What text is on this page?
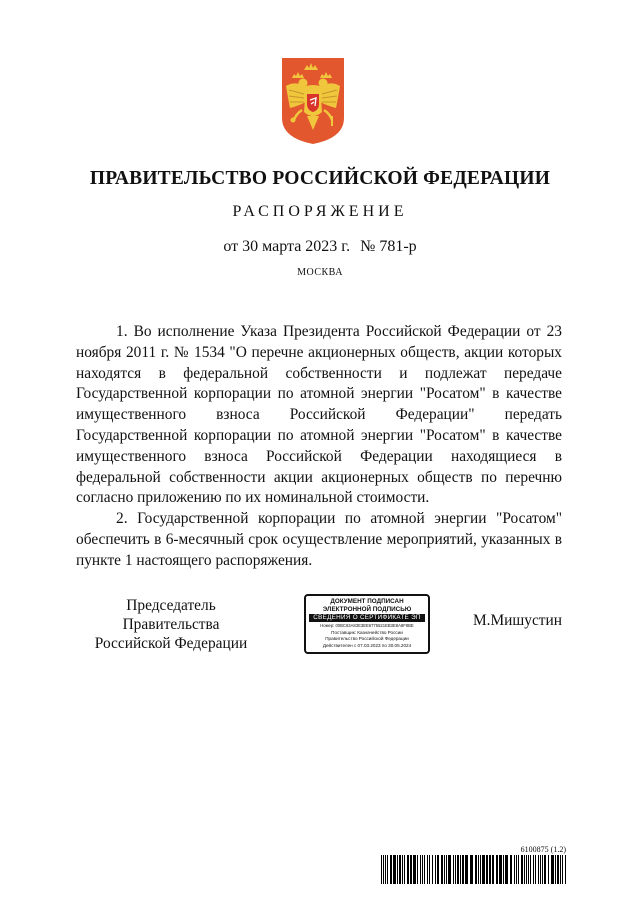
ПРАВИТЕЛЬСТВО РОССИЙСКОЙ ФЕДЕРАЦИИ
РАСПОРЯЖЕНИЕ
от 30 марта 2023 г. № 781-р
МОСКВА

1. Во исполнение Указа Президента Российской Федерации от 23 ноября 2011 г. № 1534 "О перечне акционерных обществ, акции которых находятся в федеральной собственности и подлежат передаче Государственной корпорации по атомной энергии "Росатом" в качестве имущественного взноса Российской Федерации" передать Государственной корпорации по атомной энергии "Росатом" в качестве имущественного взноса Российской Федерации находящиеся в федеральной собственности акции акционерных обществ по перечню согласно приложению по их номинальной стоимости.

2. Государственной корпорации по атомной энергии "Росатом" обеспечить в 6-месячный срок осуществление мероприятий, указанных в пункте 1 настоящего распоряжения.

Председатель Правительства
Российской Федерации
ДОКУМЕНТ ПОДПИСАН
ЭЛЕКТРОННОЙ ПОДПИСЬЮ
СВЕДЕНИЯ О СЕРТИФИКАТЕ ЭП
Номер: 00BC63A83E3EE6775521EB3E8A8F8BE
Поставщик: Казначейство России
Правительство Российской Федерации
Действителен с 07.03.2023 по 30.05.2024
М.Мишустин
6100875 (1.2)
